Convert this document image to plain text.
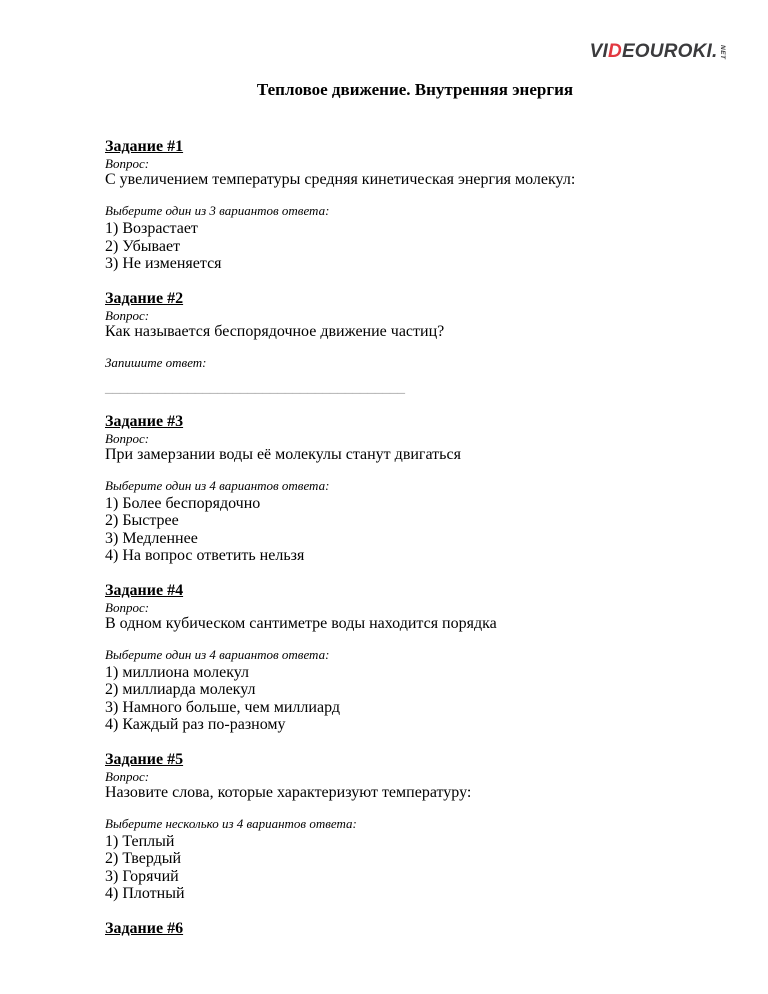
VIDEOUROKI. NET
Тепловое движение. Внутренняя энергия
Задание #1
Вопрос:
С увеличением температуры средняя кинетическая энергия молекул:
Выберите один из 3 вариантов ответа:
1) Возрастает
2) Убывает
3) Не изменяется
Задание #2
Вопрос:
Как называется беспорядочное движение частиц?
Запишите ответ:
________________________________________
Задание #3
Вопрос:
При замерзании воды её молекулы станут двигаться
Выберите один из 4 вариантов ответа:
1) Более беспорядочно
2) Быстрее
3) Медленнее
4) На вопрос ответить нельзя
Задание #4
Вопрос:
В одном кубическом сантиметре воды находится порядка
Выберите один из 4 вариантов ответа:
1) миллиона молекул
2) миллиарда молекул
3) Намного больше, чем миллиард
4) Каждый раз по-разному
Задание #5
Вопрос:
Назовите слова, которые характеризуют температуру:
Выберите несколько из 4 вариантов ответа:
1) Теплый
2) Твердый
3) Горячий
4) Плотный
Задание #6
